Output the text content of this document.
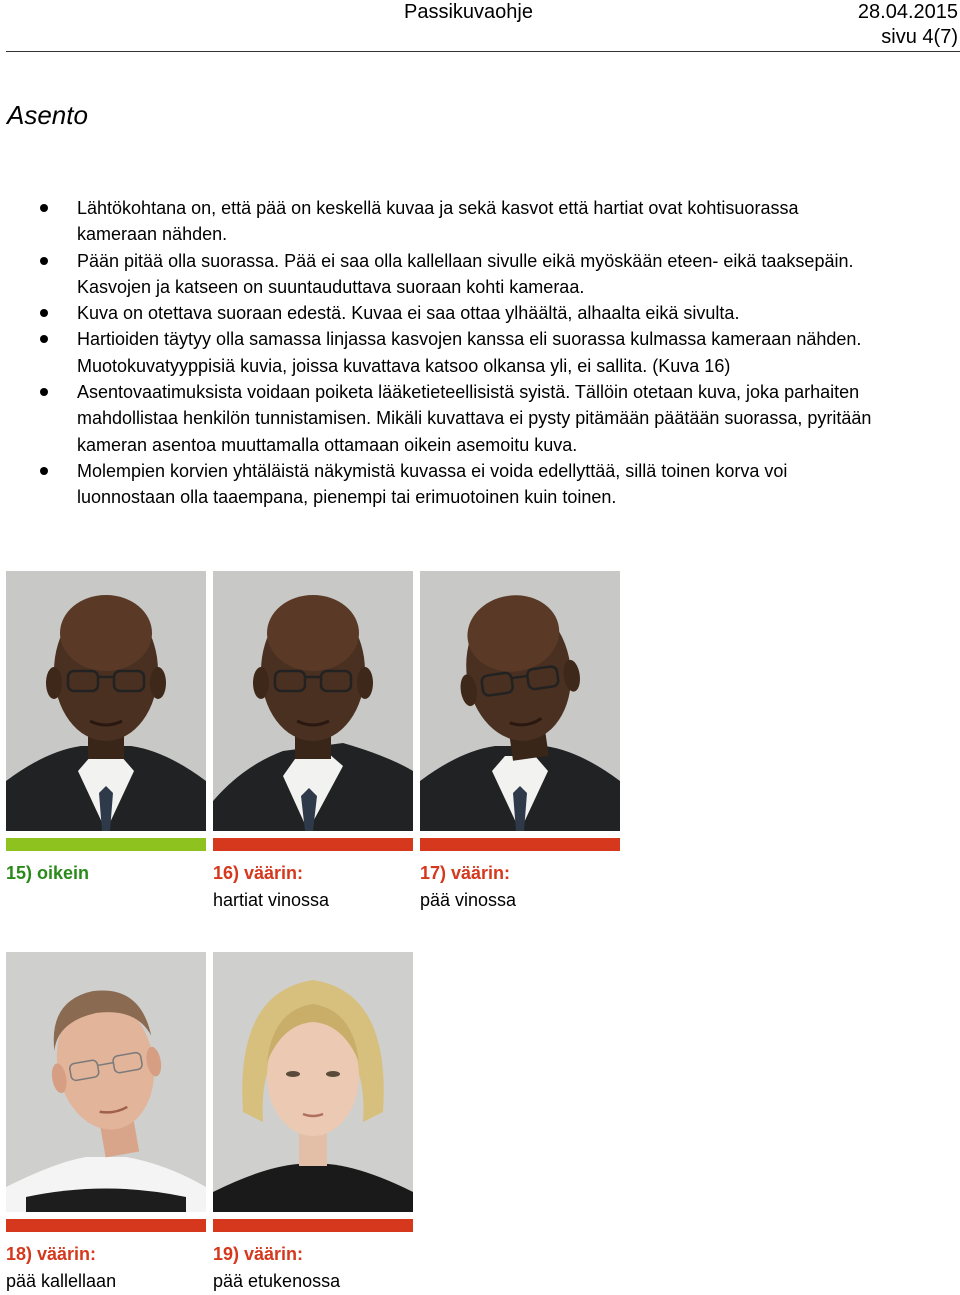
Passikuvaohje	28.04.2015
sivu 4(7)
Asento
Lähtökohtana on, että pää on keskellä kuvaa ja sekä kasvot että hartiat ovat kohtisuorassa
kameraan nähden.
Pään pitää olla suorassa. Pää ei saa olla kallellaan sivulle eikä myöskään eteen- eikä taaksepäin.
Kasvojen ja katseen on suuntauduttava suoraan kohti kameraa.
Kuva on otettava suoraan edestä. Kuvaa ei saa ottaa ylhäältä, alhaalta eikä sivulta.
Hartioiden täytyy olla samassa linjassa kasvojen kanssa eli suorassa kulmassa kameraan nähden.
Muotokuvatyyppisiä kuvia, joissa kuvattava katsoo olkansa yli, ei sallita. (Kuva 16)
Asentovaatimuksista voidaan poiketa lääketieteellisistä syistä. Tällöin otetaan kuva, joka parhaiten
mahdollistaa henkilön tunnistamisen. Mikäli kuvattava ei pysty pitämään päätään suorassa, pyritään
kameran asentoa muuttamalla ottamaan oikein asemoitu kuva.
Molempien korvien yhtäläistä näkymistä kuvassa ei voida edellyttää, sillä toinen korva voi
luonnostaan olla taaempana, pienempi tai erimuotoinen kuin toinen.
15) oikein	16) väärin:
hartiat vinossa
17) väärin:
pää vinossa
18) väärin:
pää kallellaan
19) väärin:
pää etukenossa
